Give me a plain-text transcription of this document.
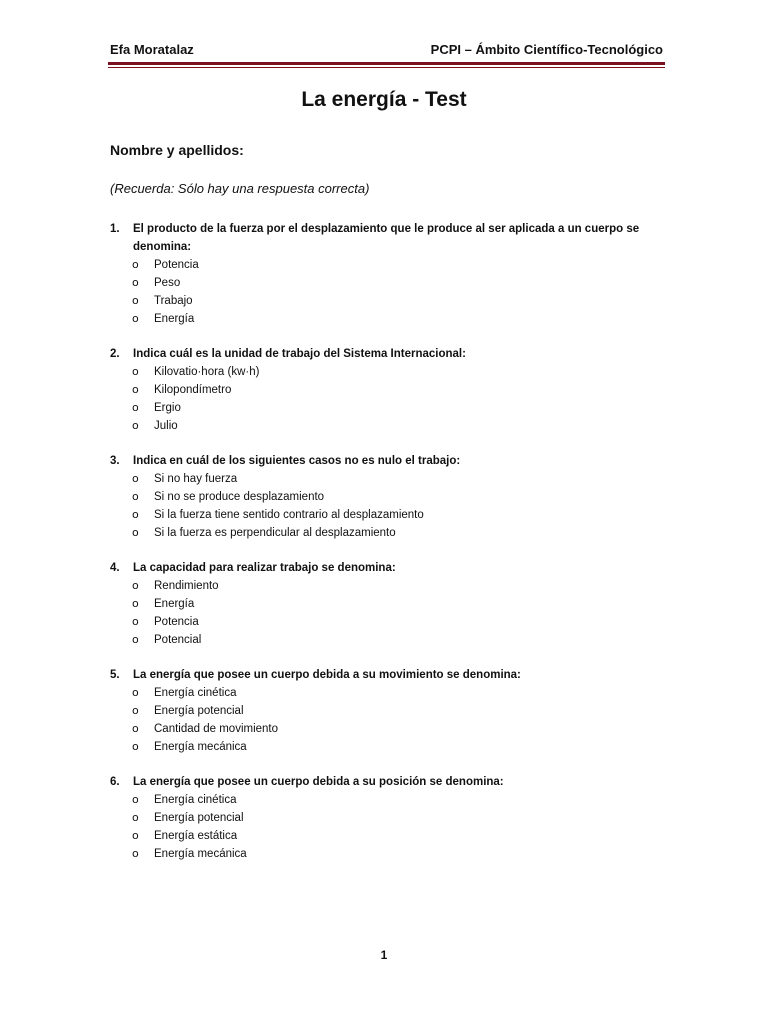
Efa Moratalaz	PCPI – Ámbito Científico-Tecnológico
La energía - Test
Nombre y apellidos:
(Recuerda: Sólo hay una respuesta correcta)
1.	El producto de la fuerza por el desplazamiento que le produce al ser aplicada a un cuerpo se denomina:
o	Potencia
o	Peso
o	Trabajo
o	Energía
2.	Indica cuál es la unidad de trabajo del Sistema Internacional:
o	Kilovatio·hora (kw·h)
o	Kilopondímetro
o	Ergio
o	Julio
3.	Indica en cuál de los siguientes casos no es nulo el trabajo:
o	Si no hay fuerza
o	Si no se produce desplazamiento
o	Si la fuerza tiene sentido contrario al desplazamiento
o	Si la fuerza es perpendicular al desplazamiento
4.	La capacidad para realizar trabajo se denomina:
o	Rendimiento
o	Energía
o	Potencia
o	Potencial
5.	La energía que posee un cuerpo debida a su movimiento se denomina:
o	Energía cinética
o	Energía potencial
o	Cantidad de movimiento
o	Energía mecánica
6.	La energía que posee un cuerpo debida a su posición se denomina:
o	Energía cinética
o	Energía potencial
o	Energía estática
o	Energía mecánica
1
